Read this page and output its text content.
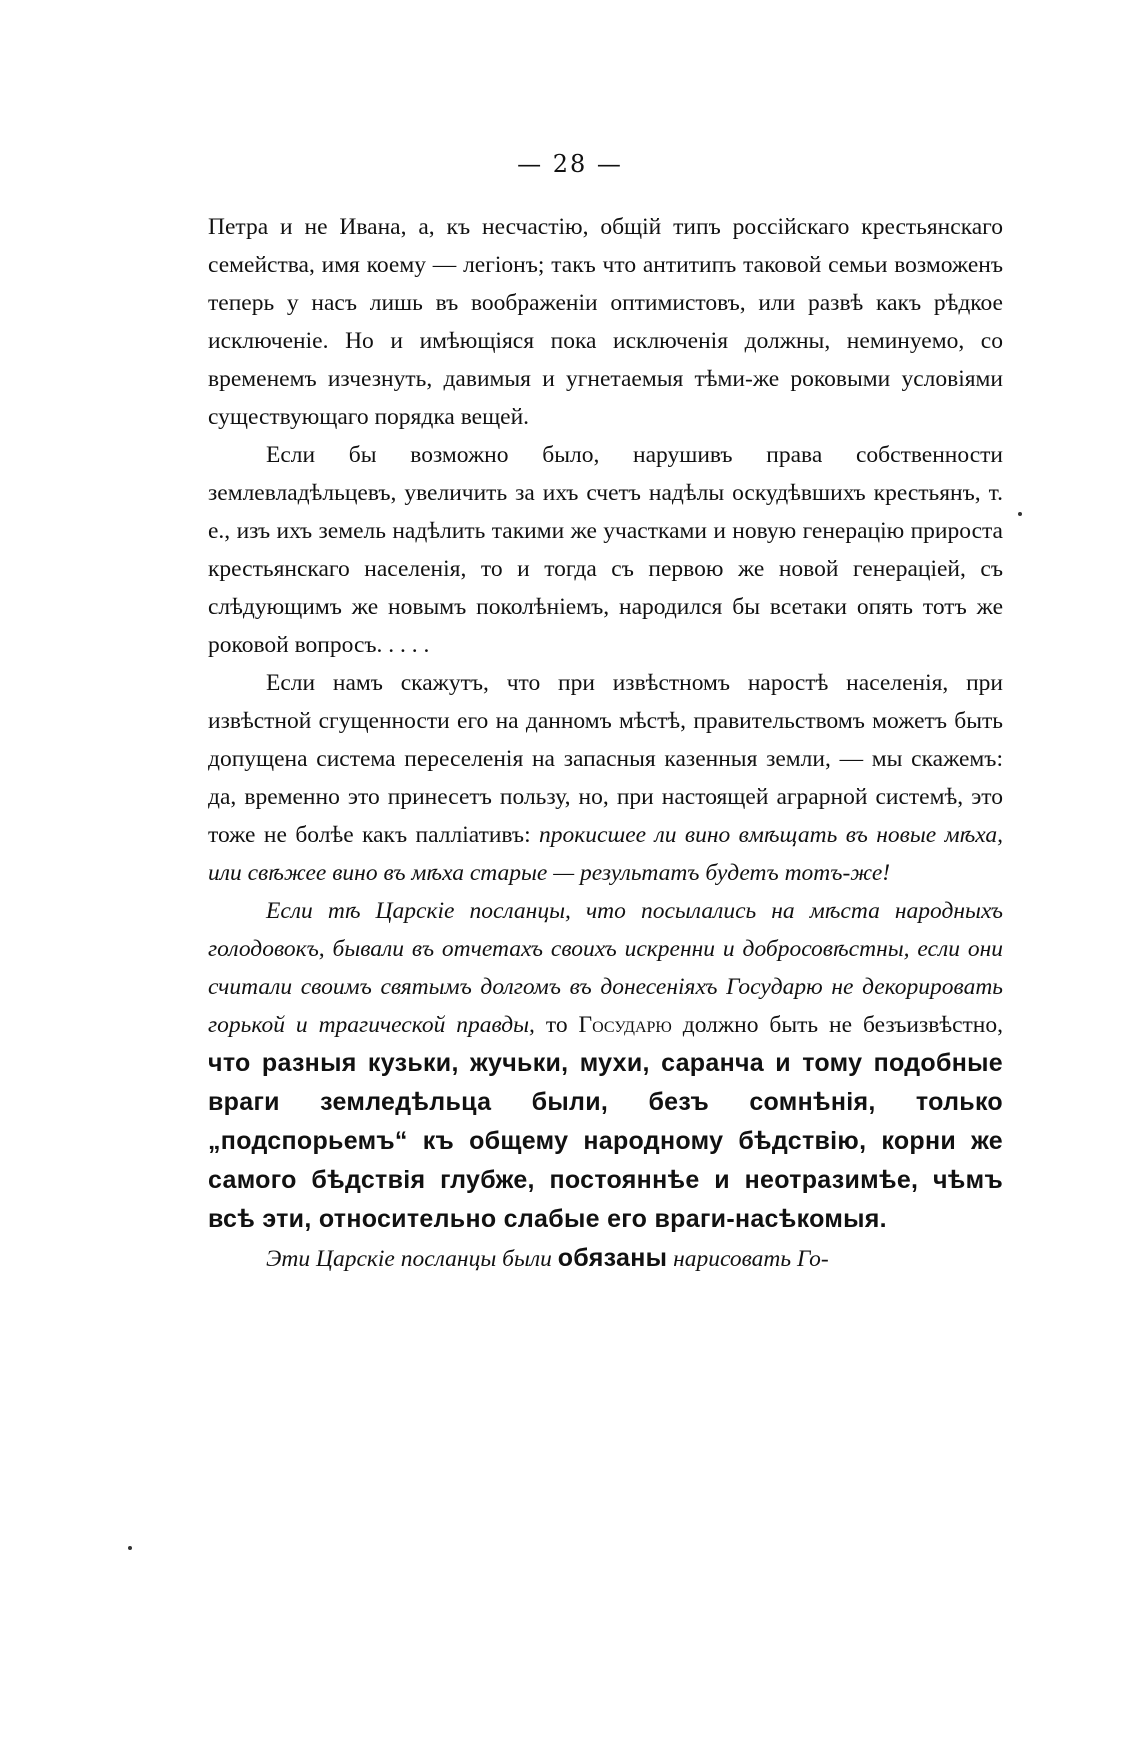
— 28 —

Петра и не Ивана, а, къ несчастію, общій типъ россійскаго крестьянскаго семейства, имя коему — легіонъ; такъ что антитипъ таковой семьи возможенъ теперь у насъ лишь въ воображеніи оптимистовъ, или развѣ какъ рѣдкое исключеніе. Но и имѣющіяся пока исключенія должны, неминуемо, со временемъ изчезнуть, давимыя и угнетаемыя тѣми-же роковыми условіями существующаго порядка вещей.

Если бы возможно было, нарушивъ права собственности землевладѣльцевъ, увеличить за ихъ счетъ надѣлы оскудѣвшихъ крестьянъ, т. е., изъ ихъ земель надѣлить такими же участками и новую генерацію прироста крестьянскаго населенія, то и тогда съ первою же новой генераціей, съ слѣдующимъ же новымъ поколѣніемъ, народился бы всетаки опять тотъ же роковой вопросъ. . . . .

Если намъ скажутъ, что при извѣстномъ наростѣ населенія, при извѣстной сгущенности его на данномъ мѣстѣ, правительствомъ можетъ быть допущена система переселенія на запасныя казенныя земли, — мы скажемъ: да, временно это принесетъ пользу, но, при настоящей аграрной системѣ, это тоже не болѣе какъ палліативъ: прокисшее ли вино вмѣщать въ новые мѣха, или свѣжее вино въ мѣха старые — результатъ будетъ тотъ-же!

Если тѣ Царскіе посланцы, что посылались на мѣста народныхъ голодовокъ, бывали въ отчетахъ своихъ искренни и добросовѣстны, если они считали своимъ святымъ долгомъ въ донесеніяхъ Государю не декорировать горькой и трагической правды, то Государю должно быть не безъизвѣстно, что разныя кузьки, жучьки, мухи, саранча и тому подобные враги земледѣльца были, безъ сомнѣнія, только „подспорьемъ“ къ общему народному бѣдствію, корни же самого бѣдствія глубже, постояннѣе и неотразимѣе, чѣмъ всѣ эти, относительно слабые его враги-насѣкомыя.

Эти Царскіе посланцы были обязаны нарисовать Го-
